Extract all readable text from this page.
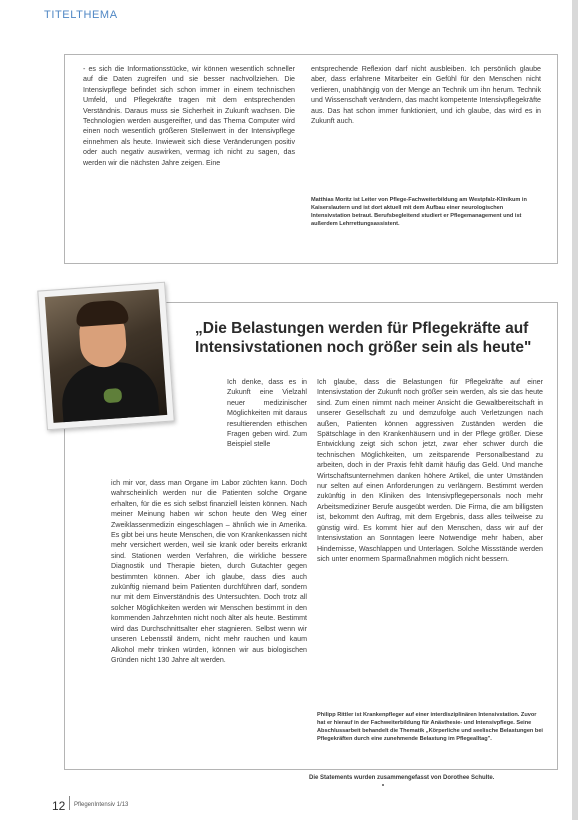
TITELTHEMA

‑ es sich die Informationsstücke, wir können wesentlich schneller auf die Daten zugreifen und sie besser nachvollziehen. Die Intensivpflege befindet sich schon immer in einem technischen Umfeld, und Pflegekräfte tragen mit dem entsprechenden Verständnis. Daraus muss sie Sicherheit in Zukunft wachsen. Die Technologien werden ausgereifter, und das Thema Computer wird einen noch wesentlich größeren Stellenwert in der Intensivpflege einnehmen als heute. Inwieweit sich diese Veränderungen positiv oder auch negativ auswirken, vermag ich nicht zu sagen, das werden wir die nächsten Jahre zeigen. Eine

entsprechende Reflexion darf nicht ausbleiben. Ich persönlich glaube aber, dass erfahrene Mitarbeiter ein Gefühl für den Menschen nicht verlieren, unabhängig von der Menge an Technik um ihn herum. Technik und Wissenschaft verändern, das macht kompetente Intensivpflegekräfte aus. Das hat schon immer funktioniert, und ich glaube, das wird es in Zukunft auch.

Matthias Moritz ist Leiter von Pflege-Fachweiterbildung am Westpfalz-Klinikum in Kaiserslautern und ist dort aktuell mit dem Aufbau einer neurologischen Intensivstation betraut. Berufsbegleitend studiert er Pflegemanagement und ist außerdem Lehrrettungsassistent.
„Die Belastungen werden für Pflegekräfte auf Intensivstationen noch größer sein als heute"
Ich denke, dass es in Zukunft eine Vielzahl neuer medizinischer Möglichkeiten mit daraus resultierenden ethischen Fragen geben wird. Zum Beispiel stelle
ich mir vor, dass man Organe im Labor züchten kann. Doch wahrscheinlich werden nur die Patienten solche Organe erhalten, für die es sich selbst finanziell leisten können. Nach meiner Meinung haben wir schon heute den Weg einer Zweiklassenmedizin eingeschlagen – ähnlich wie in Amerika. Es gibt bei uns heute Menschen, die von Krankenkassen nicht mehr versichert werden, weil sie krank oder bereits erkrankt sind. Stationen werden Verfahren, die wirkliche bessere Diagnostik und Therapie bieten, durch Gutachter gegen bestimmten können. Aber ich glaube, dass dies auch zukünftig niemand beim Patienten durchführen darf, sondern nur mit dem Einverständnis des Untersuchten. Doch trotz all solcher Möglichkeiten werden wir Menschen bestimmt in den kommenden Jahrzehnten nicht noch älter als heute. Bestimmt wird das Durchschnittsalter eher stagnieren. Selbst wenn wir unseren Lebensstil ändern, nicht mehr rauchen und kaum Alkohol mehr trinken würden, können wir aus biologischen Gründen nicht 130 Jahre alt werden.
Ich glaube, dass die Belastungen für Pflegekräfte auf einer Intensivstation der Zukunft noch größer sein werden, als sie das heute sind. Zum einen nimmt nach meiner Ansicht die Gewaltbereitschaft in unserer Gesellschaft zu und demzufolge auch Verletzungen nach außen, Patienten können aggressiven Zuständen werden die Spätschlage in den Krankenhäusern und in der Pflege größer. Diese Entwicklung zeigt sich schon jetzt, zwar eher schwer durch die technischen Möglichkeiten, um zeitsparende Personalbestand zu arbeiten, doch in der Praxis fehlt damit häufig das Geld. Und manche Wirtschaftsunternehmen danken höhere Artikel, die unter Umständen nur selten auf einen Anforderungen zu verlängern. Bestimmt werden zukünftig in den Kliniken des Intensivpflegepersonals noch mehr Arbeitsmediziner Berufe ausgeübt werden. Die Firma, die am billigsten ist, bekommt den Auftrag, mit dem Ergebnis, dass alles teilweise zu günstig wird. Es kommt hier auf den Menschen, dass wir auf der Intensivstation an Sonntagen leere Notwendige mehr haben, aber Hindernisse, Waschlappen und Unterlagen. Solche Missstände werden sich unter enormem Sparmaßnahmen möglich nicht bessern.
Philipp Rittler ist Krankenpfleger auf einer interdisziplinären Intensivstation. Zuvor hat er hierauf in der Fachweiterbildung für Anästhesie- und Intensivpflege. Seine Abschlussarbeit behandelt die Thematik „Körperliche und seelische Belastungen bei Pflegekräften durch eine zunehmende Belastung im Pflegealltag".
Die Statements wurden zusammengefasst von Dorothee Schulte.
12 PflegenIntensiv 1/13
